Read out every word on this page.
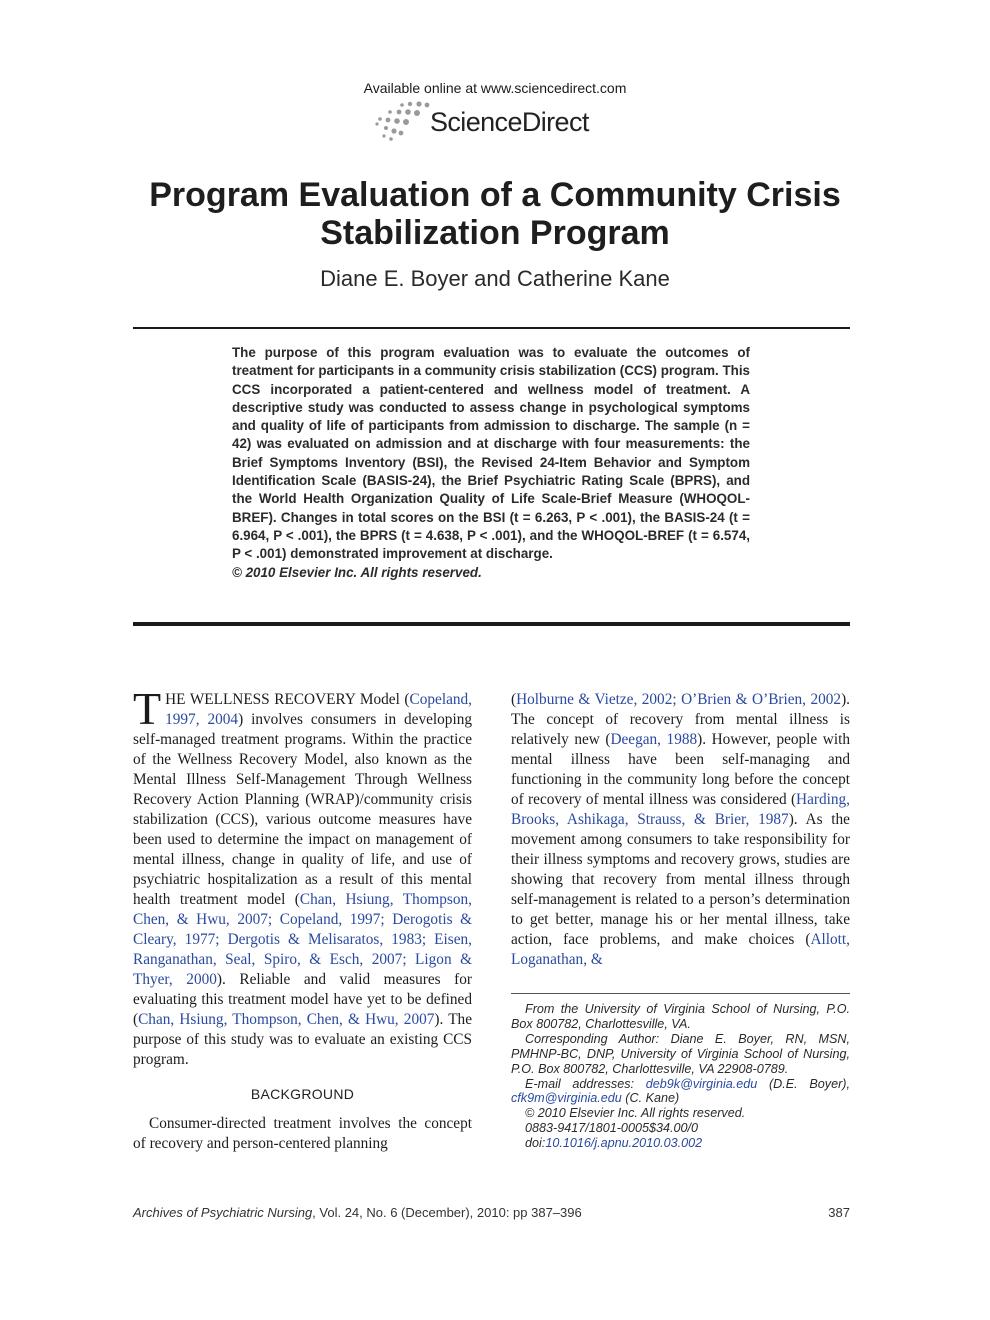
Available online at www.sciencedirect.com
ScienceDirect
Program Evaluation of a Community Crisis
Stabilization Program
Diane E. Boyer and Catherine Kane
The purpose of this program evaluation was to evaluate the outcomes of treatment for participants in a community crisis stabilization (CCS) program. This CCS incorporated a patient-centered and wellness model of treatment. A descriptive study was conducted to assess change in psychological symptoms and quality of life of participants from admission to discharge. The sample (n = 42) was evaluated on admission and at discharge with four measurements: the Brief Symptoms Inventory (BSI), the Revised 24-Item Behavior and Symptom Identification Scale (BASIS-24), the Brief Psychiatric Rating Scale (BPRS), and the World Health Organization Quality of Life Scale-Brief Measure (WHOQOL-BREF). Changes in total scores on the BSI (t = 6.263, P < .001), the BASIS-24 (t = 6.964, P < .001), the BPRS (t = 4.638, P < .001), and the WHOQOL-BREF (t = 6.574, P < .001) demonstrated improvement at discharge.
© 2010 Elsevier Inc. All rights reserved.

THE WELLNESS RECOVERY Model (Copeland, 1997, 2004) involves consumers in developing self-managed treatment programs. Within the practice of the Wellness Recovery Model, also known as the Mental Illness Self-Management Through Wellness Recovery Action Planning (WRAP)/community crisis stabilization (CCS), various outcome measures have been used to determine the impact on management of mental illness, change in quality of life, and use of psychiatric hospitalization as a result of this mental health treatment model (Chan, Hsiung, Thompson, Chen, & Hwu, 2007; Copeland, 1997; Derogotis & Cleary, 1977; Dergotis & Melisaratos, 1983; Eisen, Ranganathan, Seal, Spiro, & Esch, 2007; Ligon & Thyer, 2000). Reliable and valid measures for evaluating this treatment model have yet to be defined (Chan, Hsiung, Thompson, Chen, & Hwu, 2007). The purpose of this study was to evaluate an existing CCS program.

BACKGROUND

Consumer-directed treatment involves the concept of recovery and person-centered planning

(Holburne & Vietze, 2002; O’Brien & O’Brien, 2002). The concept of recovery from mental illness is relatively new (Deegan, 1988). However, people with mental illness have been self-managing and functioning in the community long before the concept of recovery of mental illness was considered (Harding, Brooks, Ashikaga, Strauss, & Brier, 1987). As the movement among consumers to take responsibility for their illness symptoms and recovery grows, studies are showing that recovery from mental illness through self-management is related to a person’s determination to get better, manage his or her mental illness, take action, face problems, and make choices (Allott, Loganathan, &

From the University of Virginia School of Nursing, P.O. Box 800782, Charlottesville, VA.

Corresponding Author: Diane E. Boyer, RN, MSN, PMHNP-BC, DNP, University of Virginia School of Nursing, P.O. Box 800782, Charlottesville, VA 22908-0789.

E-mail addresses: deb9k@virginia.edu (D.E. Boyer), cfk9m@virginia.edu (C. Kane)

© 2010 Elsevier Inc. All rights reserved.

0883-9417/1801-0005$34.00/0

doi:10.1016/j.apnu.2010.03.002

Archives of Psychiatric Nursing, Vol. 24, No. 6 (December), 2010: pp 387–396	387
